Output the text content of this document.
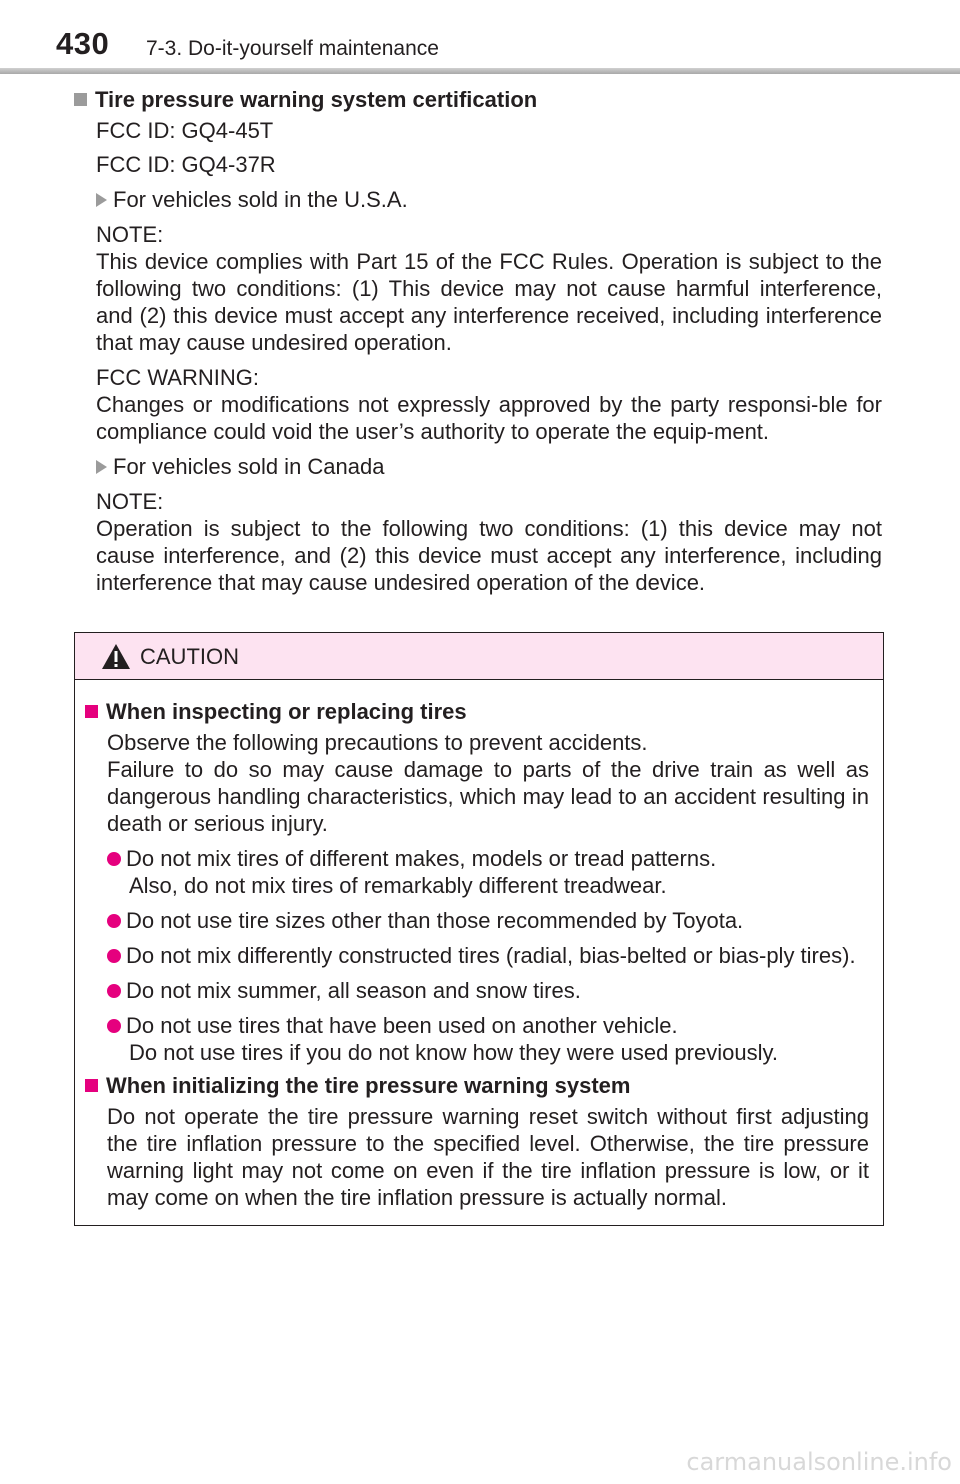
430 7-3. Do-it-yourself maintenance

Tire pressure warning system certification

FCC ID: GQ4-45T

FCC ID: GQ4-37R

For vehicles sold in the U.S.A.

NOTE:

This device complies with Part 15 of the FCC Rules. Operation is subject to the following two conditions: (1) This device may not cause harmful interference, and (2) this device must accept any interference received, including interference that may cause undesired operation.

FCC WARNING:

Changes or modifications not expressly approved by the party responsi-ble for compliance could void the user’s authority to operate the equip-ment.

For vehicles sold in Canada

NOTE:

Operation is subject to the following two conditions: (1) this device may not cause interference, and (2) this device must accept any interference, including interference that may cause undesired operation of the device.

CAUTION

When inspecting or replacing tires

Observe the following precautions to prevent accidents.

Failure to do so may cause damage to parts of the drive train as well as dangerous handling characteristics, which may lead to an accident resulting in death or serious injury.

Do not mix tires of different makes, models or tread patterns.
Also, do not mix tires of remarkably different treadwear.

Do not use tire sizes other than those recommended by Toyota.

Do not mix differently constructed tires (radial, bias-belted or bias-ply tires).

Do not mix summer, all season and snow tires.

Do not use tires that have been used on another vehicle.
Do not use tires if you do not know how they were used previously.

When initializing the tire pressure warning system

Do not operate the tire pressure warning reset switch without first adjusting the tire inflation pressure to the specified level. Otherwise, the tire pressure warning light may not come on even if the tire inflation pressure is low, or it may come on when the tire inflation pressure is actually normal.

carmanualsonline.info
